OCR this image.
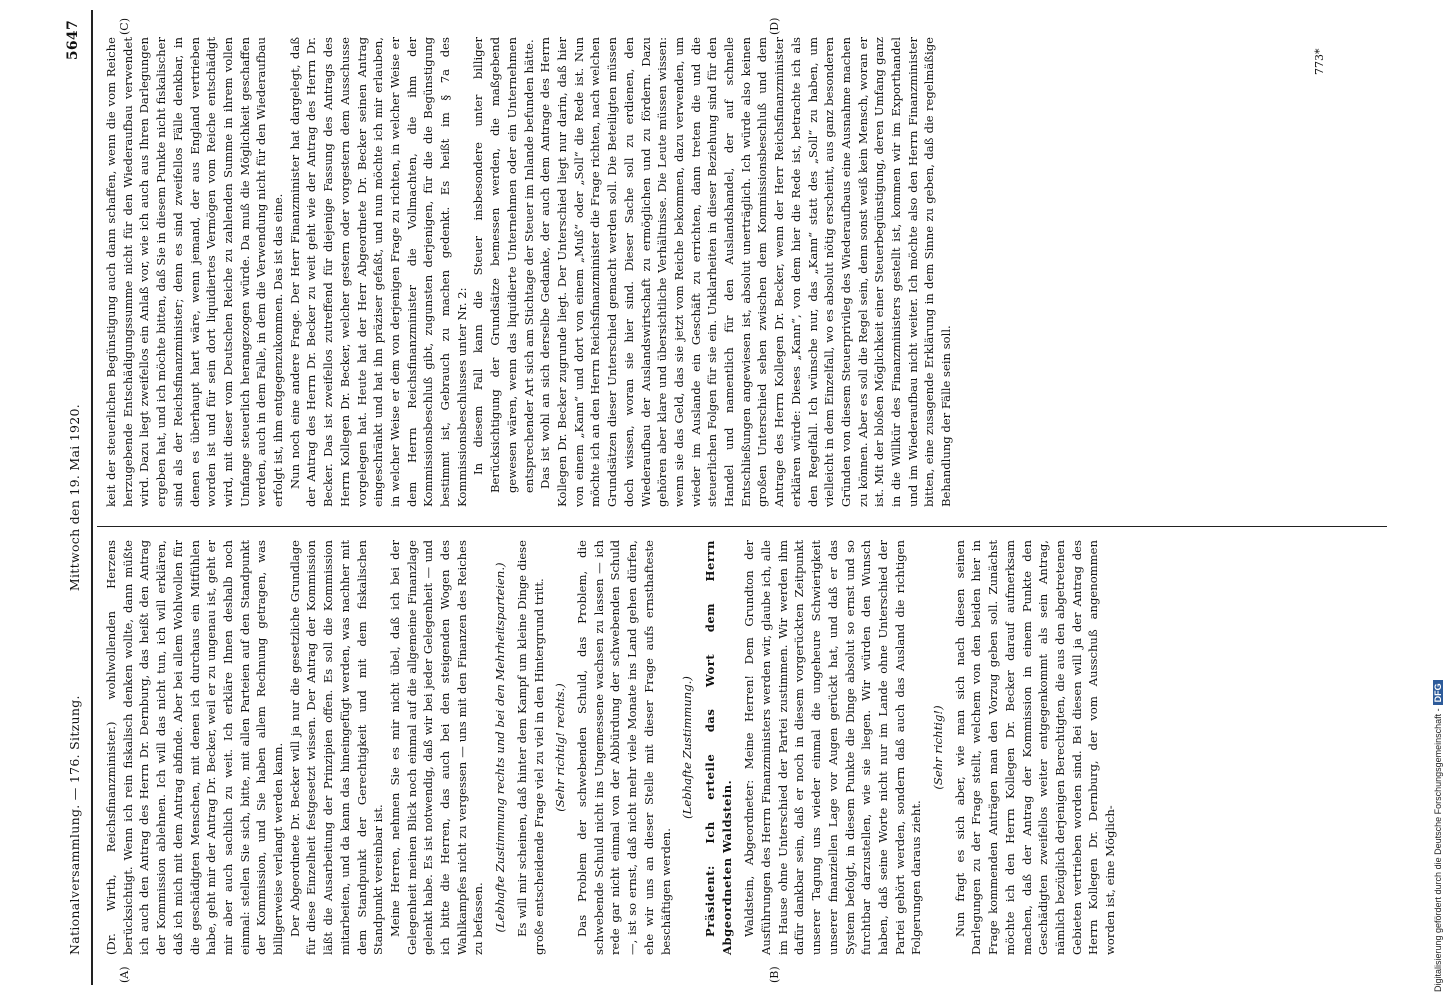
Nationalversammlung. — 176. Sitzung.
Mittwoch den 19. Mai 1920.
5647
(A)	(B)
(C)	(D)

(Dr. Wirth, Reichsfinanzminister.) wohlwollenden Herzens berücksichtigt. Wenn ich rein fiskalisch denken wollte, dann müßte ich auch den Antrag des Herrn Dr. Dernburg, das heißt den Antrag der Kommission ablehnen. Ich will das nicht tun, ich will erklären, daß ich mich mit dem Antrag abfinde. Aber bei allem Wohlwollen für die geschädigten Menschen, mit denen ich durchaus ein Mitfühlen habe, geht mir der Antrag Dr. Becker, weil er zu ungenau ist, geht er mir aber auch sachlich zu weit. Ich erkläre Ihnen deshalb noch einmal: stellen Sie sich, bitte, mit allen Parteien auf den Standpunkt der Kommission, und Sie haben allem Rechnung getragen, was billigerweise verlangt werden kann. Der Abgeordnete Dr. Becker will ja nur die gesetzliche Grundlage für diese Einzelheit festgesetzt wissen. Der Antrag der Kommission läßt die Ausarbeitung der Prinzipien offen. Es soll die Kommission mitarbeiten, und da kann das hineingefügt werden, was nachher mit dem Standpunkt der Gerechtigkeit und mit dem fiskalischen Standpunkt vereinbar ist. Meine Herren, nehmen Sie es mir nicht übel, daß ich bei der Gelegenheit meinen Blick noch einmal auf die allgemeine Finanzlage gelenkt habe. Es ist notwendig, daß wir bei jeder Gelegenheit — und ich bitte die Herren, das auch bei den steigenden Wogen des Wahlkampfes nicht zu vergessen — uns mit den Finanzen des Reiches zu befassen. (Lebhafte Zustimmung rechts und bei den Mehrheitsparteien.) Es will mir scheinen, daß hinter dem Kampf um kleine Dinge diese große entscheidende Frage viel zu viel in den Hintergrund tritt. (Sehr richtig! rechts.) Das Problem der schwebenden Schuld, das Problem, die schwebende Schuld nicht ins Ungemessene wachsen zu lassen — ich rede gar nicht einmal von der Abbürdung der schwebenden Schuld —, ist so ernst, daß nicht mehr viele Monate ins Land gehen dürfen, ehe wir uns an dieser Stelle mit dieser Frage aufs ernsthafteste beschäftigen werden.

(Lebhafte Zustimmung.) Präsident: Ich erteile das Wort dem Herrn Abgeordneten Waldstein. Waldstein, Abgeordneter: Meine Herren! Dem Grundton der Ausführungen des Herrn Finanzministers werden wir, glaube ich, alle im Hause ohne Unterschied der Partei zustimmen. Wir werden ihm dafür dankbar sein, daß er noch in diesem vorgerückten Zeitpunkt unserer Tagung uns wieder einmal die ungeheure Schwierigkeit unserer finanziellen Lage vor Augen gerückt hat, und daß er das System befolgt, in diesem Punkte die Dinge absolut so ernst und so furchtbar darzustellen, wie sie liegen. Wir würden den Wunsch haben, daß seine Worte nicht nur im Lande ohne Unterschied der Partei gehört werden, sondern daß auch das Ausland die richtigen Folgerungen daraus zieht.

(Sehr richtig!) Nun fragt es sich aber, wie man sich nach diesen seinen Darlegungen zu der Frage stellt, welchem von den beiden hier in Frage kommenden Anträgen man den Vorzug geben soll. Zunächst möchte ich den Herrn Kollegen Dr. Becker darauf aufmerksam machen, daß der Antrag der Kommission in einem Punkte den Geschädigten zweifellos weiter entgegenkommt als sein Antrag, nämlich bezüglich derjenigen Berechtigten, die aus den abgetretenen Gebieten vertrieben worden sind. Bei diesen will ja der Antrag des Herrn Kollegen Dr. Dernburg, der vom Ausschuß angenommen worden ist, eine Möglich-

keit der steuerlichen Begünstigung auch dann schaffen, wenn die vom Reiche herzugebende Entschädigungssumme nicht für den Wiederaufbau verwendet wird. Dazu liegt zweifellos ein Anlaß vor, wie ich auch aus Ihren Darlegungen ergeben hat, und ich möchte bitten, daß Sie in diesem Punkte nicht fiskalischer sind als der Reichsfinanzminister; denn es sind zweifellos Fälle denkbar, in denen es überhaupt hart wäre, wenn jemand, der aus England vertrieben worden ist und für sein dort liquidiertes Vermögen vom Reiche entschädigt wird, mit dieser vom Deutschen Reiche zu zahlenden Summe in ihrem vollen Umfange steuerlich herangezogen würde. Da muß die Möglichkeit geschaffen werden, auch in dem Falle, in dem die Verwendung nicht für den Wiederaufbau erfolgt ist, ihm entgegenzukommen. Das ist das eine. Nun noch eine andere Frage. Der Herr Finanzminister hat dargelegt, daß der Antrag des Herrn Dr. Becker zu weit geht wie der Antrag des Herrn Dr. Becker. Das ist zweifellos zutreffend für diejenige Fassung des Antrags des Herrn Kollegen Dr. Becker, welcher gestern oder vorgestern dem Ausschusse vorgelegen hat. Heute hat der Herr Abgeordnete Dr. Becker seinen Antrag eingeschränkt und hat ihn präziser gefaßt, und nun möchte ich mir erlauben, in welcher Weise er dem von derjenigen Frage zu richten, in welcher Weise er dem Herrn Reichsfinanzminister die Vollmachten, die ihm der Kommissionsbeschluß gibt, zugunsten derjenigen, für die die Begünstigung bestimmt ist, Gebrauch zu machen gedenkt. Es heißt im § 7a des Kommissionsbeschlusses unter Nr. 2: In diesem Fall kann die Steuer insbesondere unter billiger Berücksichtigung der Grundsätze bemessen werden, die maßgebend gewesen wären, wenn das liquidierte Unternehmen oder ein Unternehmen entsprechender Art sich am Stichtage der Steuer im Inlande befunden hätte. Das ist wohl an sich derselbe Gedanke, der auch dem Antrage des Herrn Kollegen Dr. Becker zugrunde liegt. Der Unterschied liegt nur darin, daß hier von einem „Kann“ und dort von einem „Muß“ oder „Soll“ die Rede ist. Nun möchte ich an den Herrn Reichsfinanzminister die Frage richten, nach welchen Grundsätzen dieser Unterschied gemacht werden soll. Die Beteiligten müssen doch wissen, woran sie hier sind. Dieser Sache soll zu erdienen, den Wiederaufbau der Auslandswirtschaft zu ermöglichen und zu fördern. Dazu gehören aber klare und übersichtliche Verhältnisse. Die Leute müssen wissen: wenn sie das Geld, das sie jetzt vom Reiche bekommen, dazu verwenden, um wieder im Auslande ein Geschäft zu errichten, dann treten die und die steuerlichen Folgen für sie ein. Unklarheiten in dieser Beziehung sind für den Handel und namentlich für den Auslandshandel, der auf schnelle Entschließungen angewiesen ist, absolut unerträglich. Ich würde also keinen großen Unterschied sehen zwischen dem Kommissionsbeschluß und dem Antrage des Herrn Kollegen Dr. Becker, wenn der Herr Reichsfinanzminister erklären würde: Dieses „Kann“, von dem hier die Rede ist, betrachte ich als den Regelfall. Ich wünsche nur, das „Kann“ statt des „Soll“ zu haben, um vielleicht in dem Einzelfall, wo es absolut nötig erscheint, aus ganz besonderen Gründen von diesem Steuerprivileg des Wiederaufbaus eine Ausnahme machen zu können. Aber es soll die Regel sein, denn sonst weiß kein Mensch, woran er ist. Mit der bloßen Möglichkeit einer Steuerbegünstigung, deren Umfang ganz in die Willkür des Finanzministers gestellt ist, kommen wir im Exporthandel und im Wiederaufbau nicht weiter. Ich möchte also den Herrn Finanzminister bitten, eine zusagende Erklärung in dem Sinne zu geben, daß die regelmäßige Behandlung der Fälle sein soll.

773*
Digitalisierung gefördert durch die Deutsche Forschungsgemeinschaft -DFG
